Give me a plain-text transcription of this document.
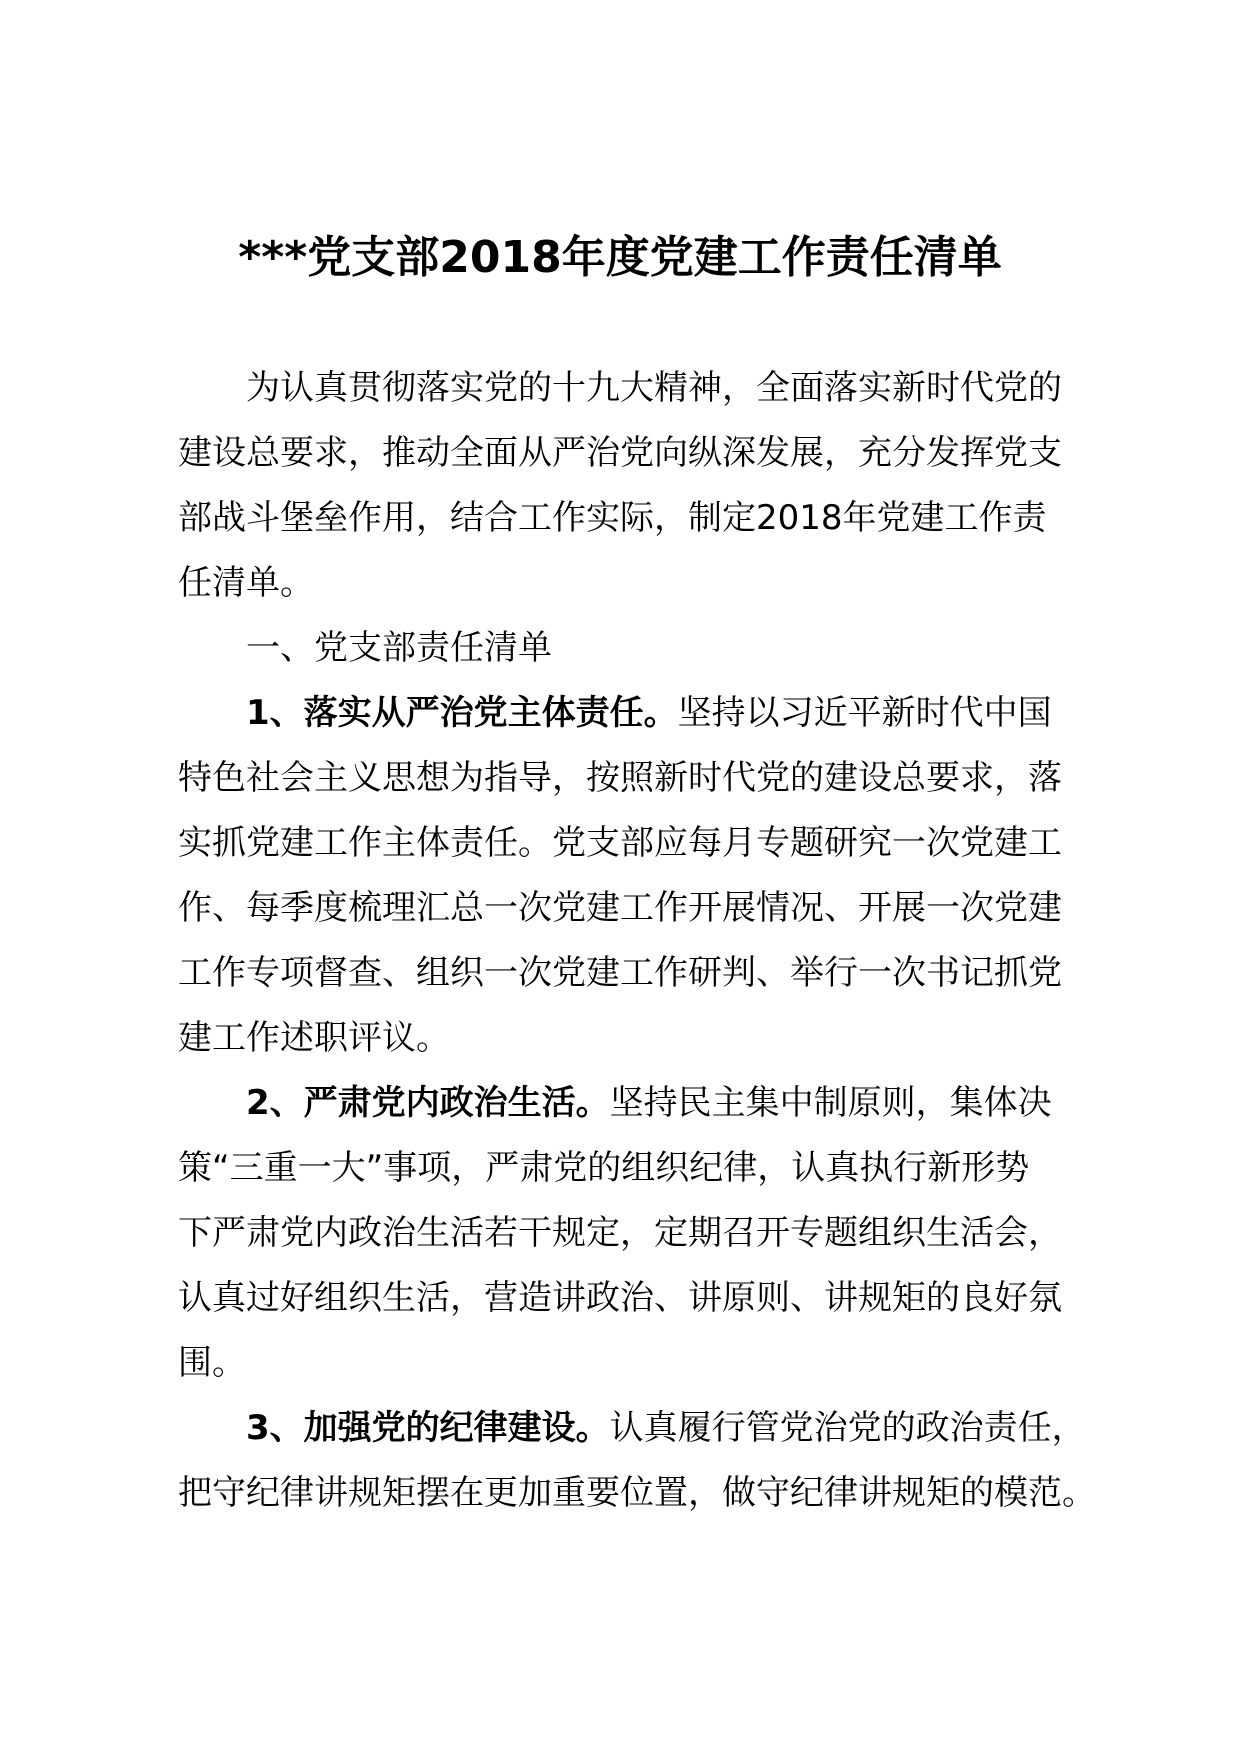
***党支部2018年度党建工作责任清单
为认真贯彻落实党的十九大精神，全面落实新时代党的
建设总要求，推动全面从严治党向纵深发展，充分发挥党支
部战斗堡垒作用，结合工作实际，制定2018年党建工作责
任清单。
一、党支部责任清单
1、落实从严治党主体责任。坚持以习近平新时代中国
特色社会主义思想为指导，按照新时代党的建设总要求，落
实抓党建工作主体责任。党支部应每月专题研究一次党建工
作、每季度梳理汇总一次党建工作开展情况、开展一次党建
工作专项督查、组织一次党建工作研判、举行一次书记抓党
建工作述职评议。
2、严肃党内政治生活。坚持民主集中制原则，集体决
策“三重一大”事项，严肃党的组织纪律，认真执行新形势
下严肃党内政治生活若干规定，定期召开专题组织生活会，
认真过好组织生活，营造讲政治、讲原则、讲规矩的良好氛
围。
3、加强党的纪律建设。认真履行管党治党的政治责任，
把守纪律讲规矩摆在更加重要位置，做守纪律讲规矩的模范。
